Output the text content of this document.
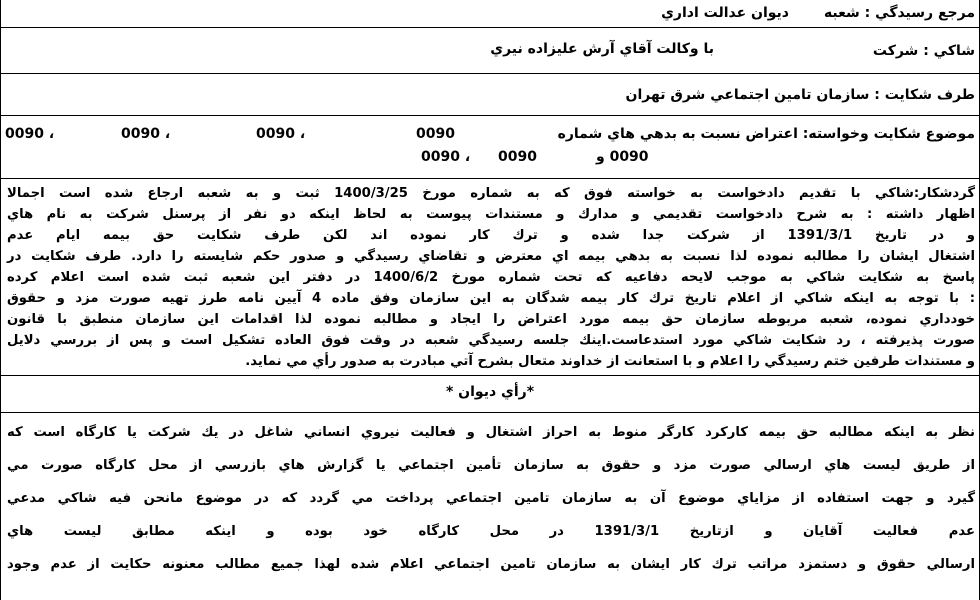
مرجع رسيدگي : شعبه
ديوان عدالت اداري
شاكي : شركت
با وكالت آقاي آرش عليزاده نيري
طرف شكايت : سازمان تامين اجتماعي شرق تهران
موضوع شكايت وخواسته: اعتراض نسبت به بدهي هاي شماره
0090
0090 ،
0090 ،
0090 ،
0090 ،	0090 و
0090
گردشكار:شاكي با تقديم دادخواست به خواسته فوق كه به شماره مورخ 1400/3/25 ثبت و به شعبه ارجاع شده است اجمالا
اظهار داشته : به شرح دادخواست تقديمي و مدارك و مستندات پيوست به لحاظ اينكه دو نفر از پرسنل شركت به نام هاي
و در تاريخ 1391/3/1 از شركت جدا شده و ترك كار نموده اند لكن طرف شكايت حق بيمه ايام عدم
اشتغال ايشان را مطالبه نموده لذا نسبت به بدهي بيمه اي معترض و تقاضاي رسيدگي و صدور حكم شايسته را دارد. طرف شكايت در
پاسخ به شكايت شاكي به موجب لايحه دفاعيه كه تحت شماره مورخ 1400/6/2 در دفتر اين شعبه ثبت شده است اعلام كرده
: با توجه به اينكه شاكي از اعلام تاريخ ترك كار بيمه شدگان به اين سازمان وفق ماده 4 آيين نامه طرز تهيه صورت مزد و حقوق
خودداري نموده، شعبه مربوطه سازمان حق بيمه مورد اعتراض را ايجاد و مطالبه نموده لذا اقدامات اين سازمان منطبق با قانون
صورت پذيرفته ، رد شكايت شاكي مورد استدعاست.اينك جلسه رسيدگي شعبه در وقت فوق العاده تشكيل است و پس از بررسي دلايل
و مستندات طرفين ختم رسيدگي را اعلام و با استعانت از خداوند متعال بشرح آتي مبادرت به صدور رأي مي نمايد.
*رأي ديوان *
نظر به اينكه مطالبه حق بيمه كاركرد كارگر منوط به احراز اشتغال و فعاليت نيروي انساني شاغل در يك شركت يا كارگاه است كه
از طريق ليست هاي ارسالي صورت مزد و حقوق به سازمان تأمين اجتماعي يا گزارش هاي بازرسي از محل كارگاه صورت مي
گيرد و جهت استفاده از مزاياي موضوع آن به سازمان تامين اجتماعي پرداخت مي گردد كه در موضوع مانحن فيه شاكي مدعي
عدم فعاليت آقايان و ازتاريخ 1391/3/1 در محل كارگاه خود بوده و اينكه مطابق ليست هاي
ارسالي حقوق و دستمزد مراتب ترك كار ايشان به سازمان تامين اجتماعي اعلام شده لهذا جميع مطالب معنونه حكايت از عدم وجود
